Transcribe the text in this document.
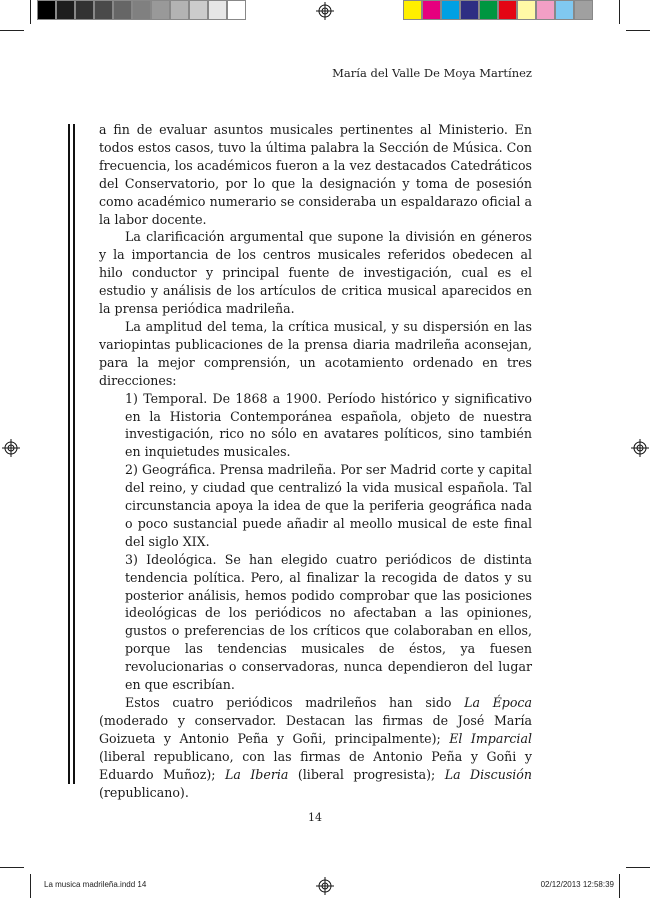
María del Valle De Moya Martínez

a fin de evaluar asuntos musicales pertinentes al Ministerio. En todos estos casos, tuvo la última palabra la Sección de Música. Con frecuencia, los académicos fueron a la vez destacados Catedráticos del Conservatorio, por lo que la designación y toma de posesión como académico numerario se consideraba un espaldarazo oficial a la labor docente.

La clarificación argumental que supone la división en géneros y la importancia de los centros musicales referidos obedecen al hilo conductor y principal fuente de investigación, cual es el estudio y análisis de los artículos de critica musical aparecidos en la prensa periódica madrileña.

La amplitud del tema, la crítica musical, y su dispersión en las variopintas publicaciones de la prensa diaria madrileña aconsejan, para la mejor comprensión, un acotamiento ordenado en tres direcciones:

1) Temporal. De 1868 a 1900. Período histórico y significativo en la Historia Contemporánea española, objeto de nuestra investigación, rico no sólo en avatares políticos, sino también en inquietudes musicales.

2) Geográfica. Prensa madrileña. Por ser Madrid corte y capital del reino, y ciudad que centralizó la vida musical española. Tal circunstancia apoya la idea de que la periferia geográfica nada o poco sustancial puede añadir al meollo musical de este final del siglo XIX.

3) Ideológica. Se han elegido cuatro periódicos de distinta tendencia política. Pero, al finalizar la recogida de datos y su posterior análisis, hemos podido comprobar que las posiciones ideológicas de los periódicos no afectaban a las opiniones, gustos o preferencias de los críticos que colaboraban en ellos, porque las tendencias musicales de éstos, ya fuesen revolucionarias o conservadoras, nunca dependieron del lugar en que escribían.

Estos cuatro periódicos madrileños han sido La Época (moderado y conservador. Destacan las firmas de José María Goizueta y Antonio Peña y Goñi, principalmente); El Imparcial (liberal republicano, con las firmas de Antonio Peña y Goñi y Eduardo Muñoz); La Iberia (liberal progresista); La Discusión (republicano).

14
La musica madrileña.indd 14	02/12/2013 12:58:39
